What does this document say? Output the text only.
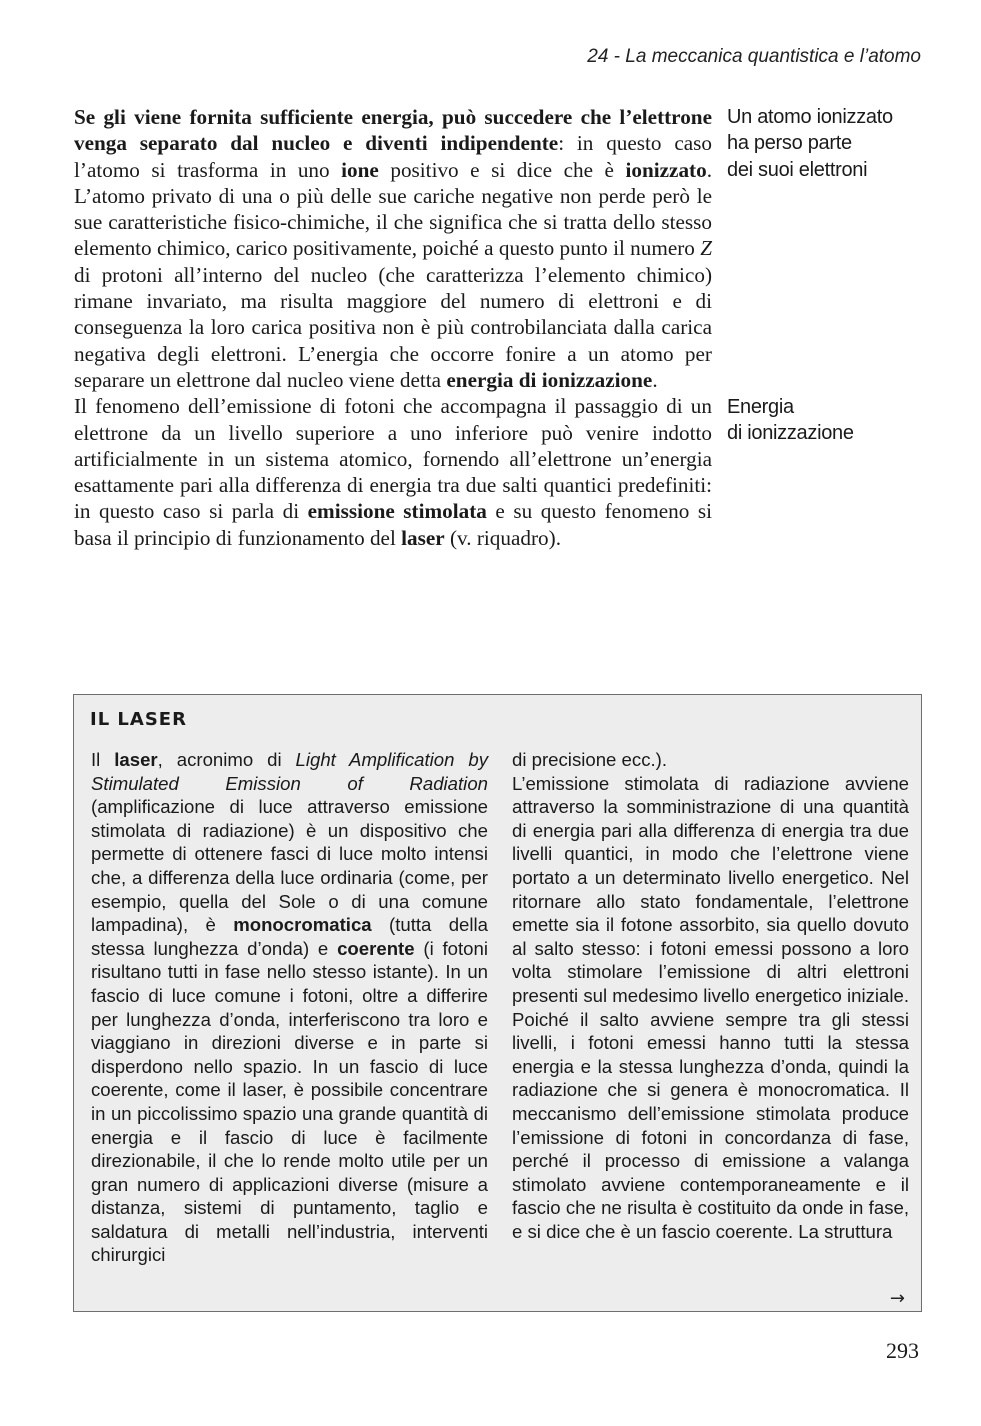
24 - La meccanica quantistica e l’atomo

Se gli viene fornita sufficiente energia, può succedere che l’elettrone venga separato dal nucleo e diventi indipendente: in questo caso l’atomo si trasforma in uno ione positivo e si dice che è ionizzato. L’atomo privato di una o più delle sue cariche negative non perde però le sue caratteristiche fisico-chimiche, il che significa che si tratta dello stesso elemento chimico, carico positivamente, poiché a questo punto il numero Z di protoni all’interno del nucleo (che caratterizza l’elemento chimico) rimane invariato, ma risulta maggiore del numero di elettroni e di conseguenza la loro carica positiva non è più controbilanciata dalla carica negativa degli elettroni. L’energia che occorre fonire a un atomo per separare un elettrone dal nucleo viene detta energia di ionizzazione.

Il fenomeno dell’emissione di fotoni che accompagna il passaggio di un elettrone da un livello superiore a uno inferiore può venire indotto artificialmente in un sistema atomico, fornendo all’elettrone un’energia esattamente pari alla differenza di energia tra due salti quantici predefiniti: in questo caso si parla di emissione stimolata e su questo fenomeno si basa il principio di funzionamento del laser (v. riquadro).

Un atomo ionizzato
ha perso parte
dei suoi elettroni
Energia
di ionizzazione
IL LASER

Il laser, acronimo di Light Amplification by Stimulated Emission of Radiation (amplificazione di luce attraverso emissione stimolata di radiazione) è un dispositivo che permette di ottenere fasci di luce molto intensi che, a differenza della luce ordinaria (come, per esempio, quella del Sole o di una comune lampadina), è monocromatica (tutta della stessa lunghezza d’onda) e coerente (i fotoni risultano tutti in fase nello stesso istante). In un fascio di luce comune i fotoni, oltre a differire per lunghezza d’onda, interferiscono tra loro e viaggiano in direzioni diverse e in parte si disperdono nello spazio. In un fascio di luce coerente, come il laser, è possibile concentrare in un piccolissimo spazio una grande quantità di energia e il fascio di luce è facilmente direzionabile, il che lo rende molto utile per un gran numero di applicazioni diverse (misure a distanza, sistemi di puntamento, taglio e saldatura di metalli nell’industria, interventi chirurgici

di precisione ecc.).

L’emissione stimolata di radiazione avviene attraverso la somministrazione di una quantità di energia pari alla differenza di energia tra due livelli quantici, in modo che l’elettrone viene portato a un determinato livello energetico. Nel ritornare allo stato fondamentale, l’elettrone emette sia il fotone assorbito, sia quello dovuto al salto stesso: i fotoni emessi possono a loro volta stimolare l’emissione di altri elettroni presenti sul medesimo livello energetico iniziale. Poiché il salto avviene sempre tra gli stessi livelli, i fotoni emessi hanno tutti la stessa energia e la stessa lunghezza d’onda, quindi la radiazione che si genera è monocromatica. Il meccanismo dell’emissione stimolata produce l’emissione di fotoni in concordanza di fase, perché il processo di emissione a valanga stimolato avviene contemporaneamente e il fascio che ne risulta è costituito da onde in fase, e si dice che è un fascio coerente. La struttura

→
293
